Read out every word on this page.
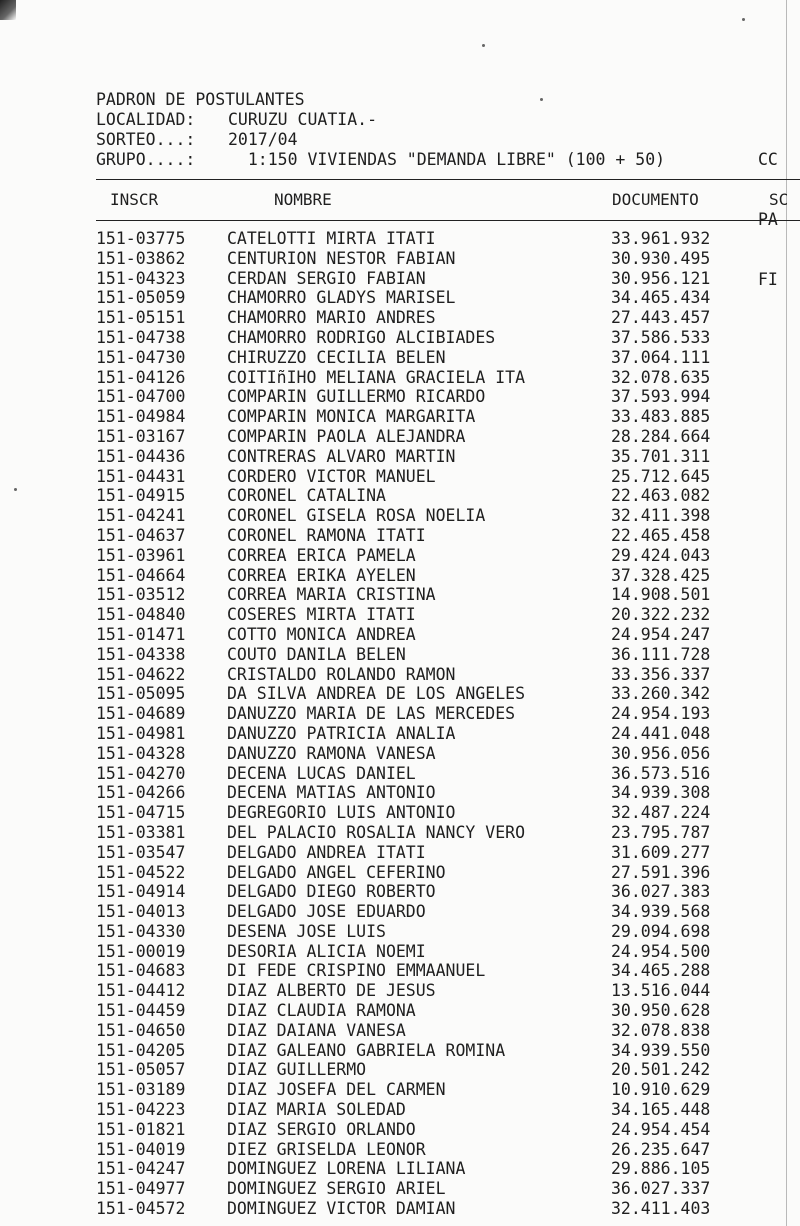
PADRON DE POSTULANTES
LOCALIDAD: CURUZU CUATIA.-
SORTEO...: 2017/04
GRUPO....:  1:150 VIVIENDAS "DEMANDA LIBRE" (100 + 50)

	CC

PA

FI

INSCR	NOMBRE	DOCUMENTO	SC
151-03775	CATELOTTI MIRTA ITATI	33.961.932
151-03862	CENTURION NESTOR FABIAN	30.930.495
151-04323	CERDAN SERGIO FABIAN	30.956.121
151-05059	CHAMORRO GLADYS MARISEL	34.465.434
151-05151	CHAMORRO MARIO ANDRES	27.443.457
151-04738	CHAMORRO RODRIGO ALCIBIADES	37.586.533
151-04730	CHIRUZZO CECILIA BELEN	37.064.111
151-04126	COITIñIHO MELIANA GRACIELA ITA	32.078.635
151-04700	COMPARIN GUILLERMO RICARDO	37.593.994
151-04984	COMPARIN MONICA MARGARITA	33.483.885
151-03167	COMPARIN PAOLA ALEJANDRA	28.284.664
151-04436	CONTRERAS ALVARO MARTIN	35.701.311
151-04431	CORDERO VICTOR MANUEL	25.712.645
151-04915	CORONEL CATALINA	22.463.082
151-04241	CORONEL GISELA ROSA NOELIA	32.411.398
151-04637	CORONEL RAMONA ITATI	22.465.458
151-03961	CORREA ERICA PAMELA	29.424.043
151-04664	CORREA ERIKA AYELEN	37.328.425
151-03512	CORREA MARIA CRISTINA	14.908.501
151-04840	COSERES MIRTA ITATI	20.322.232
151-01471	COTTO MONICA ANDREA	24.954.247
151-04338	COUTO DANILA BELEN	36.111.728
151-04622	CRISTALDO ROLANDO RAMON	33.356.337
151-05095	DA SILVA ANDREA DE LOS ANGELES	33.260.342
151-04689	DANUZZO MARIA DE LAS MERCEDES	24.954.193
151-04981	DANUZZO PATRICIA ANALIA	24.441.048
151-04328	DANUZZO RAMONA VANESA	30.956.056
151-04270	DECENA LUCAS DANIEL	36.573.516
151-04266	DECENA MATIAS ANTONIO	34.939.308
151-04715	DEGREGORIO LUIS ANTONIO	32.487.224
151-03381	DEL PALACIO ROSALIA NANCY VERO	23.795.787
151-03547	DELGADO ANDREA ITATI	31.609.277
151-04522	DELGADO ANGEL CEFERINO	27.591.396
151-04914	DELGADO DIEGO ROBERTO	36.027.383
151-04013	DELGADO JOSE EDUARDO	34.939.568
151-04330	DESENA JOSE LUIS	29.094.698
151-00019	DESORIA ALICIA NOEMI	24.954.500
151-04683	DI FEDE CRISPINO EMMAANUEL	34.465.288
151-04412	DIAZ ALBERTO DE JESUS	13.516.044
151-04459	DIAZ CLAUDIA RAMONA	30.950.628
151-04650	DIAZ DAIANA VANESA	32.078.838
151-04205	DIAZ GALEANO GABRIELA ROMINA	34.939.550
151-05057	DIAZ GUILLERMO	20.501.242
151-03189	DIAZ JOSEFA DEL CARMEN	10.910.629
151-04223	DIAZ MARIA SOLEDAD	34.165.448
151-01821	DIAZ SERGIO ORLANDO	24.954.454
151-04019	DIEZ GRISELDA LEONOR	26.235.647
151-04247	DOMINGUEZ LORENA LILIANA	29.886.105
151-04977	DOMINGUEZ SERGIO ARIEL	36.027.337
151-04572	DOMINGUEZ VICTOR DAMIAN	32.411.403
